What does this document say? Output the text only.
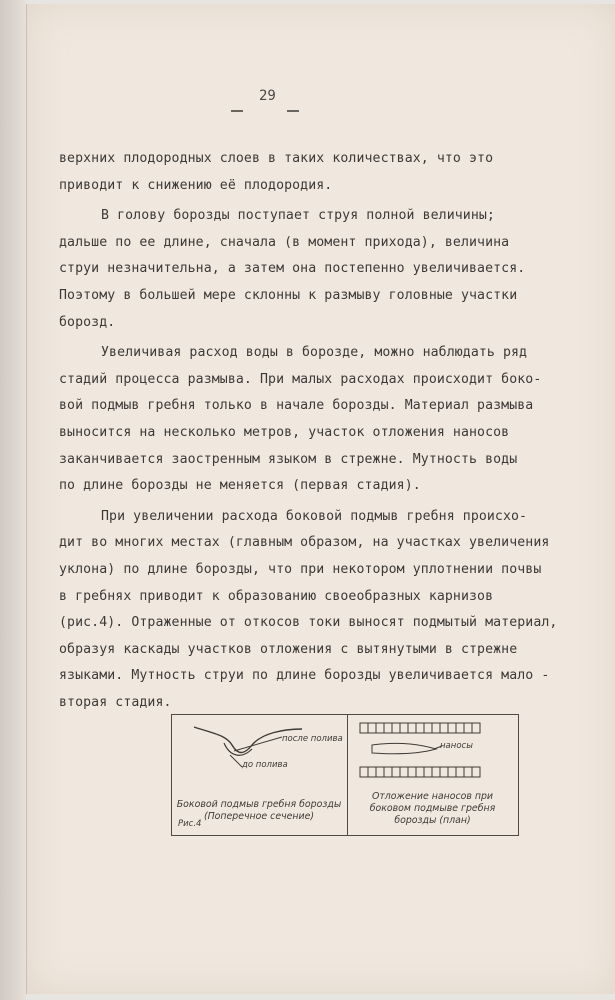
29

верхних плодородных слоев в таких количествах, что это
приводит к снижению её плодородия.

В голову борозды поступает струя полной величины;
дальше по ее длине, сначала (в момент прихода), величина
струи незначительна, а затем она постепенно увеличивается.
Поэтому в большей мере склонны к размыву головные участки
борозд.

Увеличивая расход воды в борозде, можно наблюдать ряд
стадий процесса размыва. При малых расходах происходит боко-
вой подмыв гребня только в начале борозды. Материал размыва
выносится на несколько метров, участок отложения наносов
заканчивается заостренным языком в стрежне. Мутность воды
по длине борозды не меняется (первая стадия).

При увеличении расхода боковой подмыв гребня происхо-
дит во многих местах (главным образом, на участках увеличения
уклона) по длине борозды, что при некотором уплотнении почвы
в гребнях приводит к образованию своеобразных карнизов
(рис.4). Отраженные от откосов токи выносят подмытый материал,
образуя каскады участков отложения с вытянутыми в стрежне
языками. Мутность струи по длине борозды увеличивается мало -
вторая стадия.

после полива
до полива
наносы
Боковой подмыв гребня борозды (Поперечное сечение)
Отложение наносов при боковом подмыве гребня борозды (план)
Рис.4
